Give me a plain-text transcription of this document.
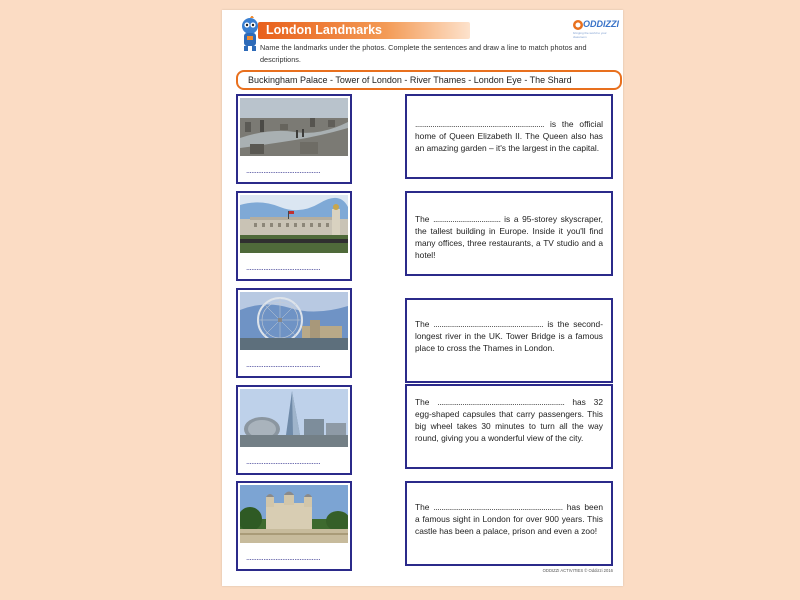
London Landmarks	ODDIZZI
bringing the world to your classroom
Name the landmarks under the photos. Complete the sentences and draw a line to match photos and descriptions.
Buckingham Palace - Tower of London - River Thames - London Eye - The Shard
...........................................
...........................................
...........................................
...........................................
...........................................
................................................................... is the official home of Queen Elizabeth II. The Queen also has an amazing garden – it's the largest in the capital.
The ................................... is a 95-storey skyscraper, the tallest building in Europe. Inside it you'll find many offices, three restaurants, a TV studio and a hotel!
The ......................................................... is the second-longest river in the UK. Tower Bridge is a famous place to cross the Thames in London.
The .................................................................. has 32 egg-shaped capsules that carry passengers. This big wheel takes 30 minutes to turn all the way round, giving you a wonderful view of the city.
The ................................................................... has been a famous sight in London for over 900 years. This castle has been a palace, prison and even a zoo!
ODDIZZI ACTIVITIES © Oddizzi 2016
